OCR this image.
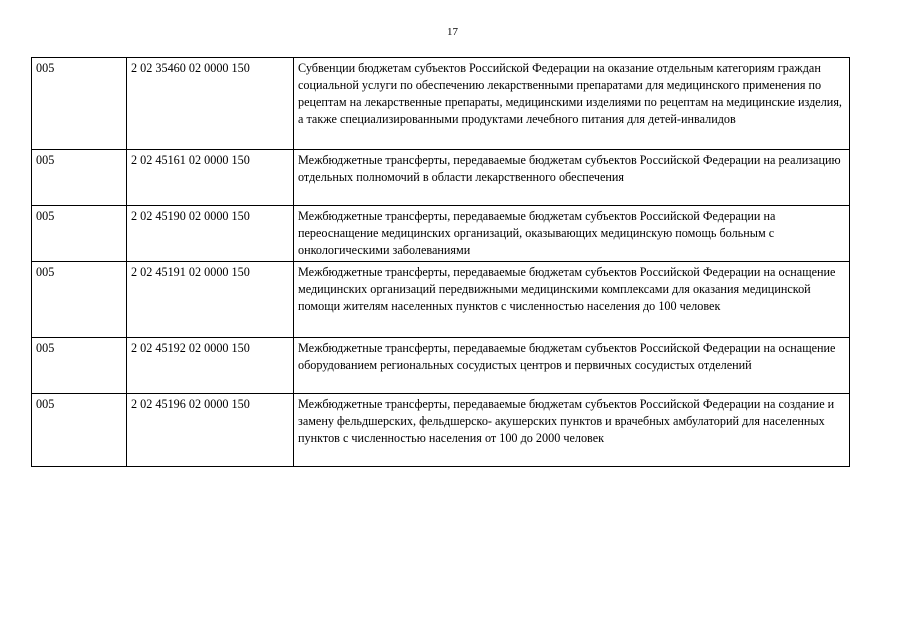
17
005	2 02 35460 02 0000 150	Субвенции бюджетам субъектов Российской Федерации на оказание отдельным категориям граждан социальной услуги по обеспечению лекарственными препаратами для медицинского применения по рецептам на лекарственные препараты, медицинскими изделиями по рецептам на медицинские изделия, а также специализированными продуктами лечебного питания для детей-инвалидов
005	2 02 45161 02 0000 150	Межбюджетные трансферты, передаваемые бюджетам субъектов Российской Федерации на реализацию отдельных полномочий в области лекарственного обеспечения
005	2 02 45190 02 0000 150	Межбюджетные трансферты, передаваемые бюджетам субъектов Российской Федерации на переоснащение медицинских организаций, оказывающих медицинскую помощь больным с онкологическими заболеваниями
005	2 02 45191 02 0000 150	Межбюджетные трансферты, передаваемые бюджетам субъектов Российской Федерации на оснащение медицинских организаций передвижными медицинскими комплексами для оказания медицинской помощи жителям населенных пунктов с численностью населения до 100 человек
005	2 02 45192 02 0000 150	Межбюджетные трансферты, передаваемые бюджетам субъектов Российской Федерации на оснащение оборудованием региональных сосудистых центров и первичных сосудистых отделений
005	2 02 45196 02 0000 150	Межбюджетные трансферты, передаваемые бюджетам субъектов Российской Федерации на создание и замену фельдшерских, фельдшерско- акушерских пунктов и врачебных амбулаторий для населенных пунктов с численностью населения от 100 до 2000 человек
